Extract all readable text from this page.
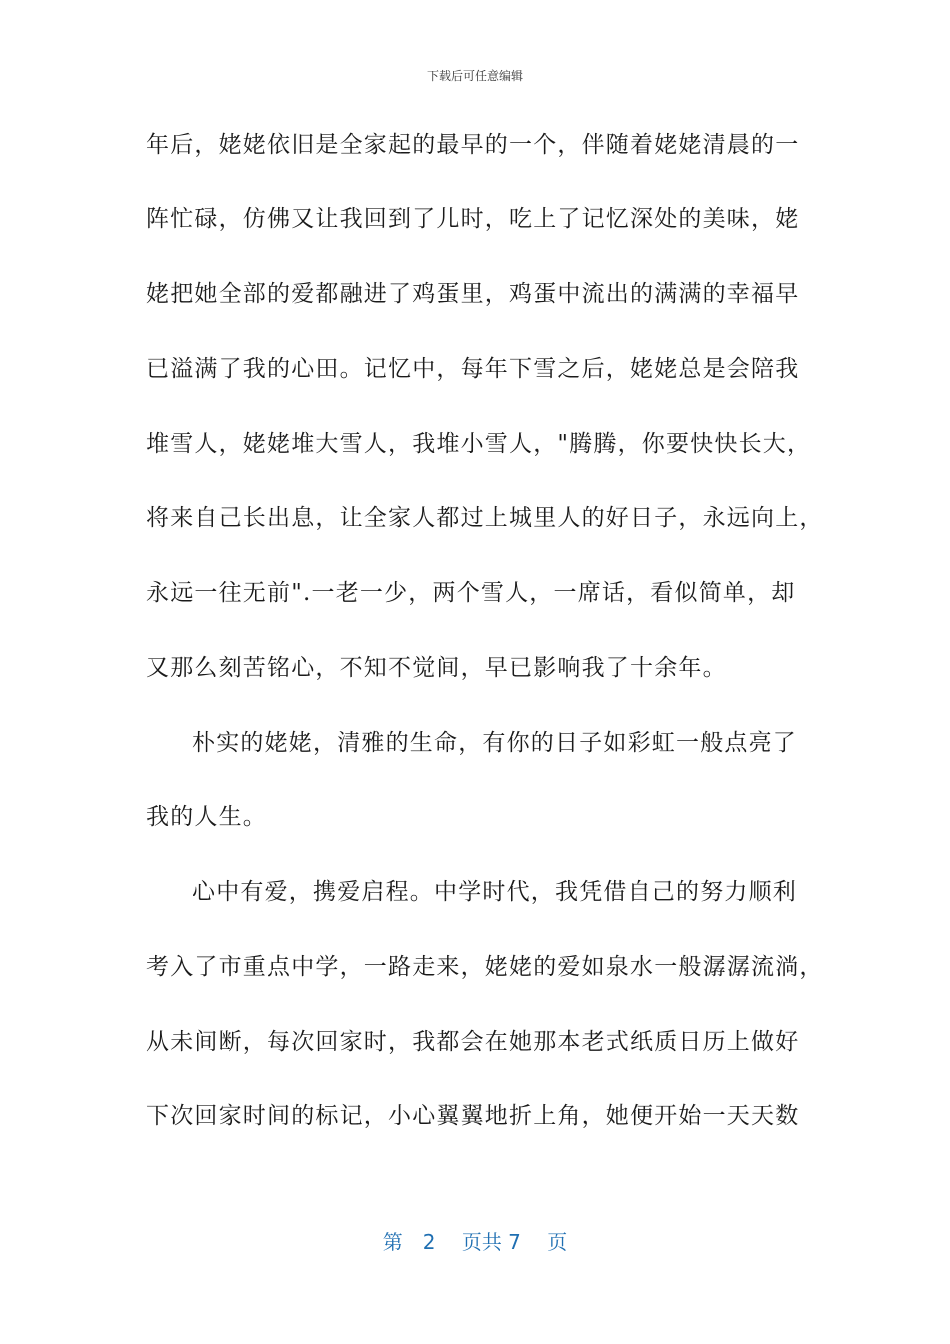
下载后可任意编辑
年后，姥姥依旧是全家起的最早的一个，伴随着姥姥清晨的一
阵忙碌，仿佛又让我回到了儿时，吃上了记忆深处的美味，姥
姥把她全部的爱都融进了鸡蛋里，鸡蛋中流出的满满的幸福早
已溢满了我的心田。记忆中，每年下雪之后，姥姥总是会陪我
堆雪人，姥姥堆大雪人，我堆小雪人，"腾腾，你要快快长大，
将来自己长出息，让全家人都过上城里人的好日子，永远向上，
永远一往无前".一老一少，两个雪人，一席话，看似简单，却
又那么刻苦铭心，不知不觉间，早已影响我了十余年。
朴实的姥姥，清雅的生命，有你的日子如彩虹一般点亮了
我的人生。
心中有爱，携爱启程。中学时代，我凭借自己的努力顺利
考入了市重点中学，一路走来，姥姥的爱如泉水一般潺潺流淌，
从未间断，每次回家时，我都会在她那本老式纸质日历上做好
下次回家时间的标记，小心翼翼地折上角，她便开始一天天数
第　2　 页共 7　 页
